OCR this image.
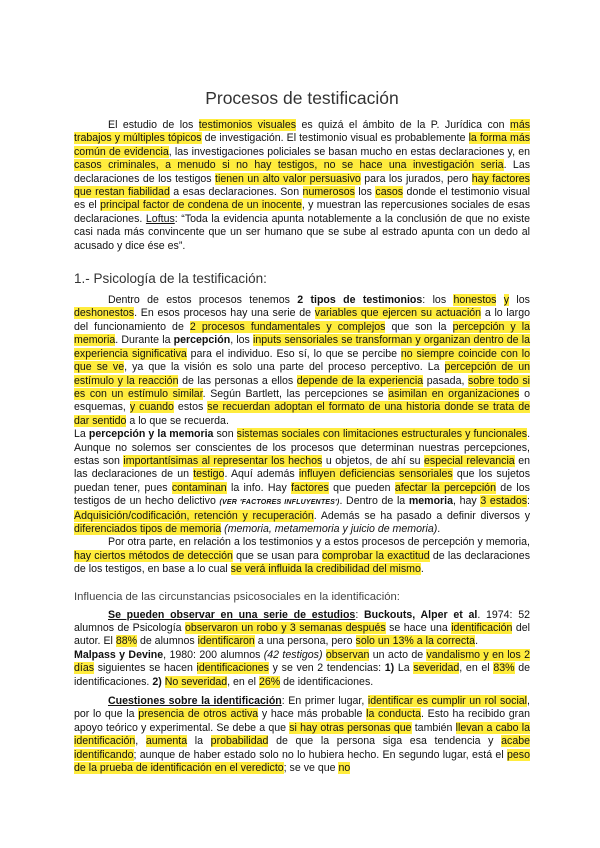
Procesos de testificación

El estudio de los testimonios visuales es quizá el ámbito de la P. Jurídica con más trabajos y múltiples tópicos de investigación. El testimonio visual es probablemente la forma más común de evidencia, las investigaciones policiales se basan mucho en estas declaraciones y, en casos criminales, a menudo si no hay testigos, no se hace una investigación seria. Las declaraciones de los testigos tienen un alto valor persuasivo para los jurados, pero hay factores que restan fiabilidad a esas declaraciones. Son numerosos los casos donde el testimonio visual es el principal factor de condena de un inocente, y muestran las repercusiones sociales de esas declaraciones. Loftus: “Toda la evidencia apunta notablemente a la conclusión de que no existe casi nada más convincente que un ser humano que se sube al estrado apunta con un dedo al acusado y dice ése es”.

1.- Psicología de la testificación:

Dentro de estos procesos tenemos 2 tipos de testimonios: los honestos y los deshonestos. En esos procesos hay una serie de variables que ejercen su actuación a lo largo del funcionamiento de 2 procesos fundamentales y complejos que son la percepción y la memoria. Durante la percepción, los inputs sensoriales se transforman y organizan dentro de la experiencia significativa para el individuo. Eso sí, lo que se percibe no siempre coincide con lo que se ve, ya que la visión es solo una parte del proceso perceptivo. La percepción de un estímulo y la reacción de las personas a ellos depende de la experiencia pasada, sobre todo si es con un estímulo similar. Según Bartlett, las percepciones se asimilan en organizaciones o esquemas, y cuando estos se recuerdan adoptan el formato de una historia donde se trata de dar sentido a lo que se recuerda.

La percepción y la memoria son sistemas sociales con limitaciones estructurales y funcionales. Aunque no solemos ser conscientes de los procesos que determinan nuestras percepciones, estas son importantísimas al representar los hechos u objetos, de ahí su especial relevancia en las declaraciones de un testigo. Aquí además influyen deficiencias sensoriales que los sujetos puedan tener, pues contaminan la info. Hay factores que pueden afectar la percepción de los testigos de un hecho delictivo (VER 'FACTORES INFLUYENTES'). Dentro de la memoria, hay 3 estados: Adquisición/codificación, retención y recuperación. Además se ha pasado a definir diversos y diferenciados tipos de memoria (memoria, metamemoria y juicio de memoria).

Por otra parte, en relación a los testimonios y a estos procesos de percepción y memoria, hay ciertos métodos de detección que se usan para comprobar la exactitud de las declaraciones de los testigos, en base a lo cual se verá influida la credibilidad del mismo.

Influencia de las circunstancias psicosociales en la identificación:

Se pueden observar en una serie de estudios: Buckouts, Alper et al. 1974: 52 alumnos de Psicología observaron un robo y 3 semanas después se hace una identificación del autor. El 88% de alumnos identificaron a una persona, pero solo un 13% a la correcta.

Malpass y Devine, 1980: 200 alumnos (42 testigos) observan un acto de vandalismo y en los 2 días siguientes se hacen identificaciones y se ven 2 tendencias: 1) La severidad, en el 83% de identificaciones. 2) No severidad, en el 26% de identificaciones.

Cuestiones sobre la identificación: En primer lugar, identificar es cumplir un rol social, por lo que la presencia de otros activa y hace más probable la conducta. Esto ha recibido gran apoyo teórico y experimental. Se debe a que si hay otras personas que también llevan a cabo la identificación, aumenta la probabilidad de que la persona siga esa tendencia y acabe identificando; aunque de haber estado solo no lo hubiera hecho. En segundo lugar, está el peso de la prueba de identificación en el veredicto; se ve que no
